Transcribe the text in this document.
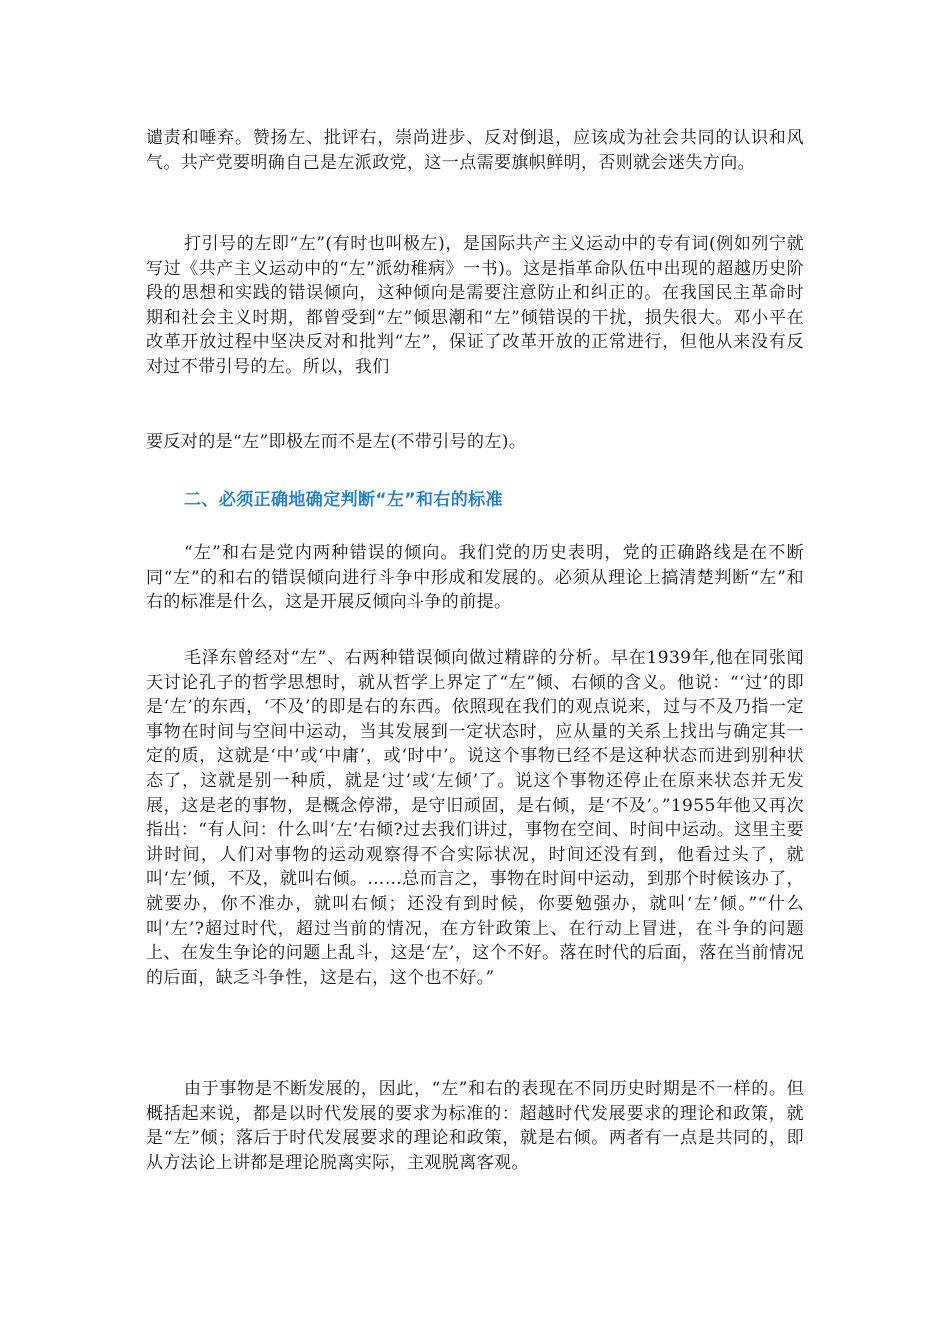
谴责和唾弃。赞扬左、批评右，崇尚进步、反对倒退，应该成为社会共同的认识和风气。共产党要明确自己是左派政党，这一点需要旗帜鲜明，否则就会迷失方向。

打引号的左即“左”(有时也叫极左)，是国际共产主义运动中的专有词(例如列宁就写过《共产主义运动中的“左”派幼稚病》一书)。这是指革命队伍中出现的超越历史阶段的思想和实践的错误倾向，这种倾向是需要注意防止和纠正的。在我国民主革命时期和社会主义时期，都曾受到“左”倾思潮和“左”倾错误的干扰，损失很大。邓小平在改革开放过程中坚决反对和批判“左”，保证了改革开放的正常进行，但他从来没有反对过不带引号的左。所以，我们

要反对的是“左”即极左而不是左(不带引号的左)。

二、必须正确地确定判断“左”和右的标准

“左”和右是党内两种错误的倾向。我们党的历史表明，党的正确路线是在不断同“左”的和右的错误倾向进行斗争中形成和发展的。必须从理论上搞清楚判断“左”和右的标准是什么，这是开展反倾向斗争的前提。

毛泽东曾经对“左”、右两种错误倾向做过精辟的分析。早在1939年,他在同张闻天讨论孔子的哲学思想时，就从哲学上界定了“左”倾、右倾的含义。他说：“‘过’的即是‘左’的东西，‘不及’的即是右的东西。依照现在我们的观点说来，过与不及乃指一定事物在时间与空间中运动，当其发展到一定状态时，应从量的关系上找出与确定其一定的质，这就是‘中’或‘中庸’，或‘时中’。说这个事物已经不是这种状态而进到别种状态了，这就是别一种质，就是‘过’或‘左倾’了。说这个事物还停止在原来状态并无发展，这是老的事物，是概念停滞，是守旧顽固，是右倾，是‘不及’。”1955年他又再次指出：“有人问：什么叫‘左’右倾?过去我们讲过，事物在空间、时间中运动。这里主要讲时间，人们对事物的运动观察得不合实际状况，时间还没有到，他看过头了，就叫‘左’倾，不及，就叫右倾。……总而言之，事物在时间中运动，到那个时候该办了，就要办，你不准办，就叫右倾；还没有到时候，你要勉强办，就叫‘左’倾。”“什么叫‘左’?超过时代，超过当前的情况，在方针政策上、在行动上冒进，在斗争的问题上、在发生争论的问题上乱斗，这是‘左’，这个不好。落在时代的后面，落在当前情况的后面，缺乏斗争性，这是右，这个也不好。”

由于事物是不断发展的，因此，“左”和右的表现在不同历史时期是不一样的。但概括起来说，都是以时代发展的要求为标准的：超越时代发展要求的理论和政策，就是“左”倾；落后于时代发展要求的理论和政策，就是右倾。两者有一点是共同的，即从方法论上讲都是理论脱离实际，主观脱离客观。
